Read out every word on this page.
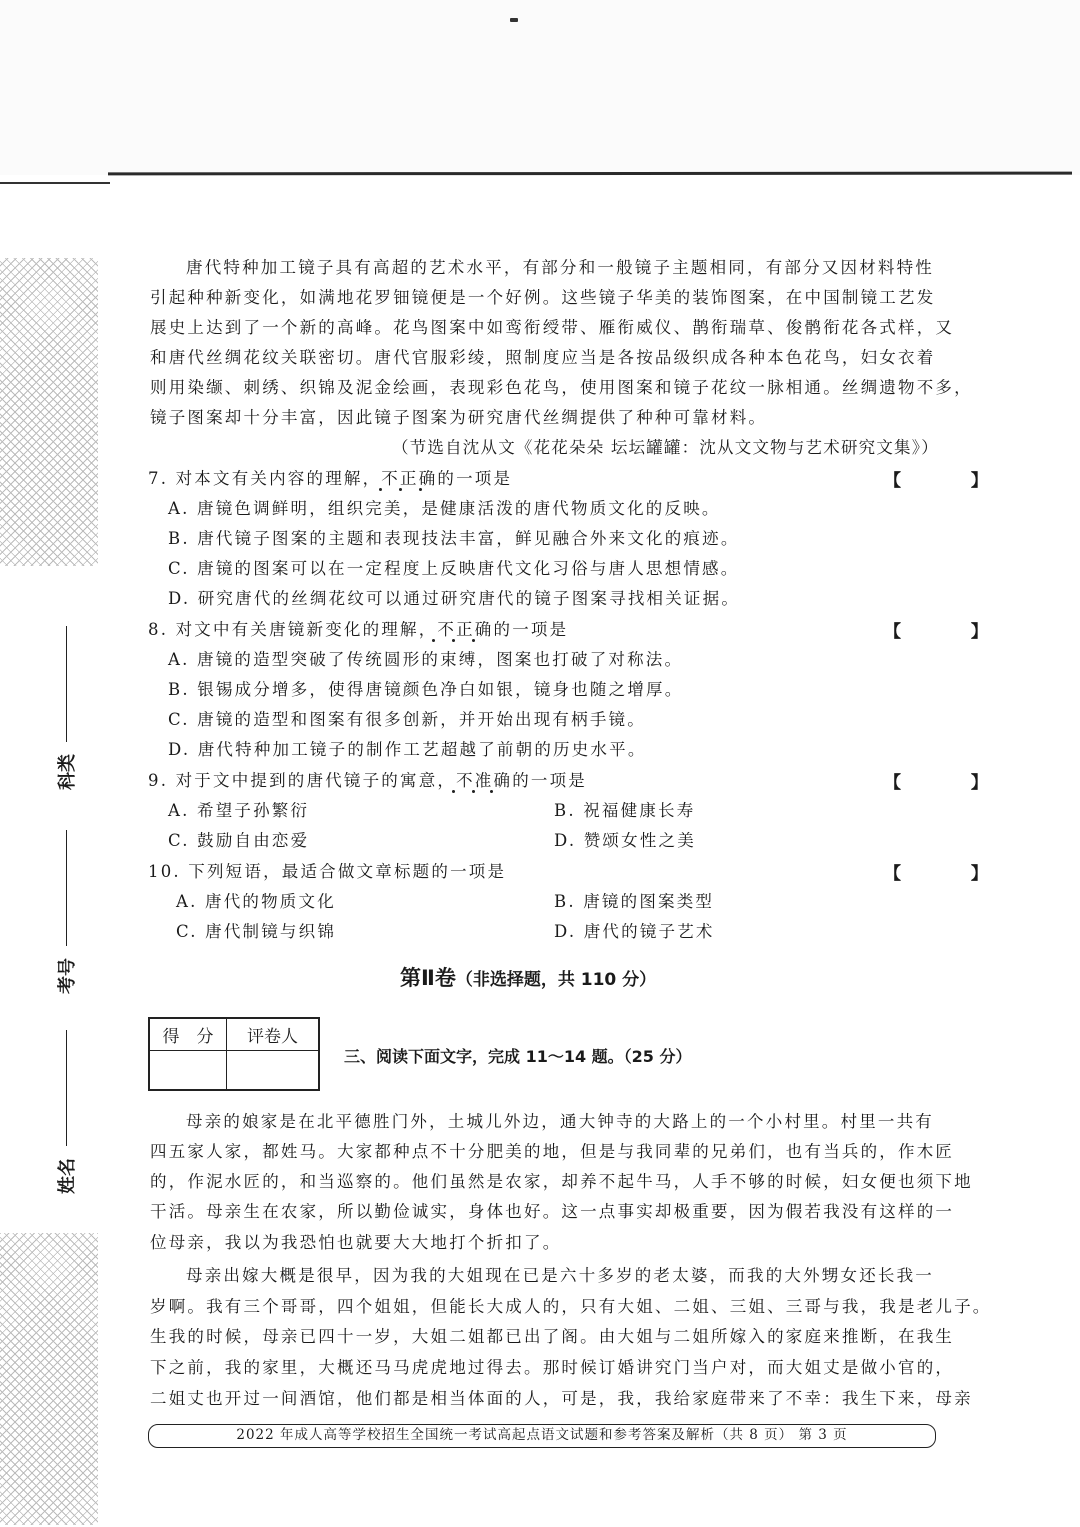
科类
考号
姓名
唐代特种加工镜子具有高超的艺术水平，有部分和一般镜子主题相同，有部分又因材料特性
引起种种新变化，如满地花罗钿镜便是一个好例。这些镜子华美的装饰图案，在中国制镜工艺发
展史上达到了一个新的高峰。花鸟图案中如鸾衔绶带、雁衔威仪、鹊衔瑞草、俊鹘衔花各式样，又
和唐代丝绸花纹关联密切。唐代官服彩绫，照制度应当是各按品级织成各种本色花鸟，妇女衣着
则用染缬、刺绣、织锦及泥金绘画，表现彩色花鸟，使用图案和镜子花纹一脉相通。丝绸遗物不多，
镜子图案却十分丰富，因此镜子图案为研究唐代丝绸提供了种种可靠材料。
（节选自沈从文《花花朵朵 坛坛罐罐：沈从文文物与艺术研究文集》）
7. 对本文有关内容的理解，不正确的一项是	【 】
A. 唐镜色调鲜明，组织完美，是健康活泼的唐代物质文化的反映。
B. 唐代镜子图案的主题和表现技法丰富，鲜见融合外来文化的痕迹。
C. 唐镜的图案可以在一定程度上反映唐代文化习俗与唐人思想情感。
D. 研究唐代的丝绸花纹可以通过研究唐代的镜子图案寻找相关证据。
8. 对文中有关唐镜新变化的理解，不正确的一项是	【 】
A. 唐镜的造型突破了传统圆形的束缚，图案也打破了对称法。
B. 银锡成分增多，使得唐镜颜色净白如银，镜身也随之增厚。
C. 唐镜的造型和图案有很多创新，并开始出现有柄手镜。
D. 唐代特种加工镜子的制作工艺超越了前朝的历史水平。
9. 对于文中提到的唐代镜子的寓意，不准确的一项是	【 】
A. 希望子孙繁衍	B. 祝福健康长寿
C. 鼓励自由恋爱	D. 赞颂女性之美
10. 下列短语，最适合做文章标题的一项是	【 】
A. 唐代的物质文化	B. 唐镜的图案类型
C. 唐代制镜与织锦	D. 唐代的镜子艺术
第Ⅱ卷（非选择题，共 110 分）
得　分	评卷人

三、阅读下面文字，完成 11～14 题。（25 分）
母亲的娘家是在北平德胜门外，土城儿外边，通大钟寺的大路上的一个小村里。村里一共有
四五家人家，都姓马。大家都种点不十分肥美的地，但是与我同辈的兄弟们，也有当兵的，作木匠
的，作泥水匠的，和当巡察的。他们虽然是农家，却养不起牛马，人手不够的时候，妇女便也须下地
干活。母亲生在农家，所以勤俭诚实，身体也好。这一点事实却极重要，因为假若我没有这样的一
位母亲，我以为我恐怕也就要大大地打个折扣了。
母亲出嫁大概是很早，因为我的大姐现在已是六十多岁的老太婆，而我的大外甥女还长我一
岁啊。我有三个哥哥，四个姐姐，但能长大成人的，只有大姐、二姐、三姐、三哥与我，我是老儿子。
生我的时候，母亲已四十一岁，大姐二姐都已出了阁。由大姐与二姐所嫁入的家庭来推断，在我生
下之前，我的家里，大概还马马虎虎地过得去。那时候订婚讲究门当户对，而大姐丈是做小官的，
二姐丈也开过一间酒馆，他们都是相当体面的人，可是，我，我给家庭带来了不幸：我生下来，母亲
2022 年成人高等学校招生全国统一考试高起点语文试题和参考答案及解析（共 8 页） 第 3 页
